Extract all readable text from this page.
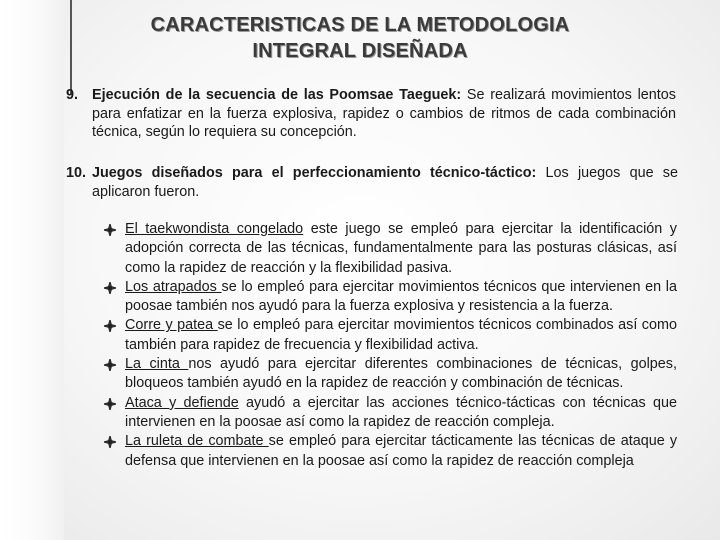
CARACTERISTICAS DE LA METODOLOGIA
INTEGRAL DISEÑADA
9. Ejecución de la secuencia de las Poomsae Taeguek: Se realizará movimientos lentos para enfatizar en la fuerza explosiva, rapidez o cambios de ritmos de cada combinación técnica, según lo requiera su concepción.
10. Juegos diseñados para el perfeccionamiento técnico-táctico: Los juegos que se aplicaron fueron.
El taekwondista congelado este juego se empleó para ejercitar la identificación y adopción correcta de las técnicas, fundamentalmente para las posturas clásicas, así como la rapidez de reacción y la flexibilidad pasiva.
Los atrapados se lo empleó para ejercitar movimientos técnicos que intervienen en la poosae también nos ayudó para la fuerza explosiva y resistencia a la fuerza.
Corre y patea se lo empleó para ejercitar movimientos técnicos combinados así como también para rapidez de frecuencia y flexibilidad activa.
La cinta nos ayudó para ejercitar diferentes combinaciones de técnicas, golpes, bloqueos también ayudó en la rapidez de reacción y combinación de técnicas.
Ataca y defiende ayudó a ejercitar las acciones técnico-tácticas con técnicas que intervienen en la poosae así como la rapidez de reacción compleja.
La ruleta de combate se empleó para ejercitar tácticamente las técnicas de ataque y defensa que intervienen en la poosae así como la rapidez de reacción compleja
